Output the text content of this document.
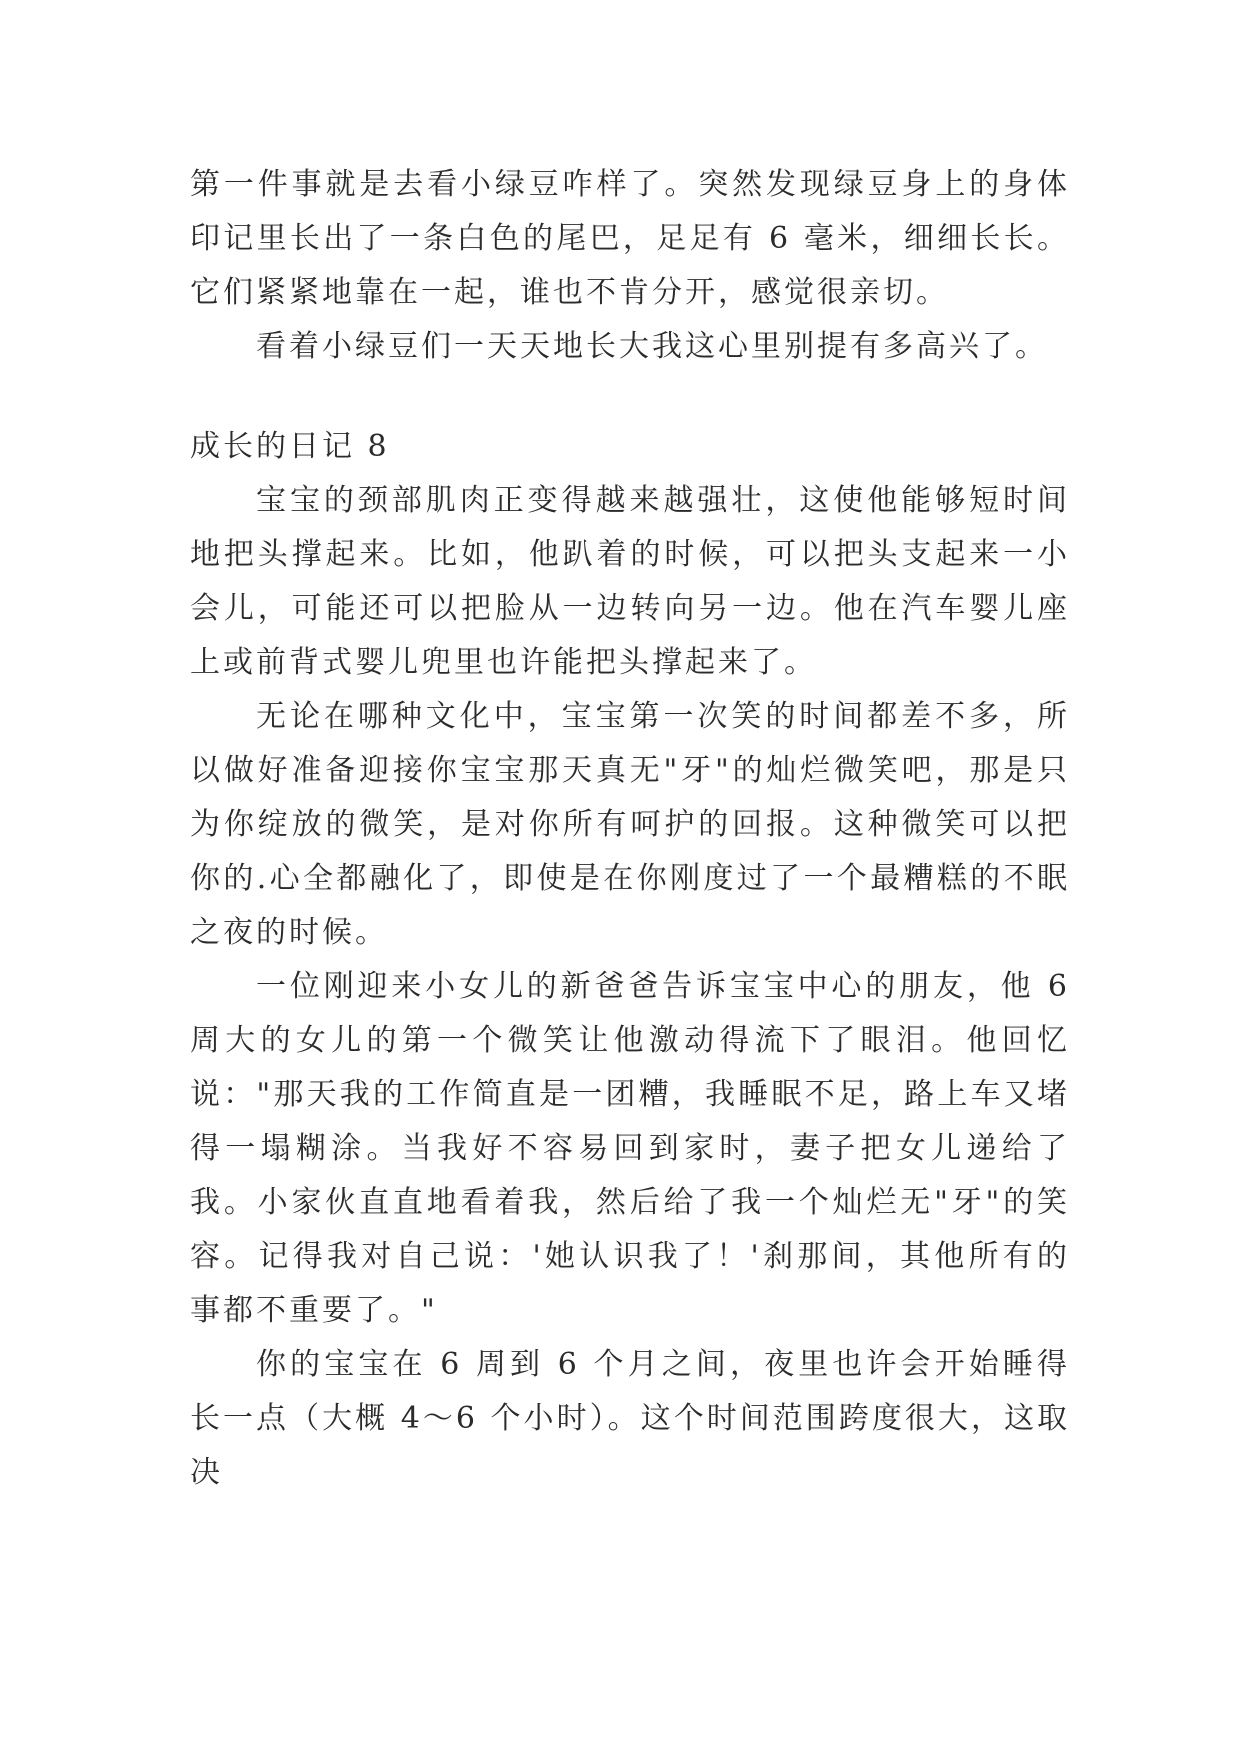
第一件事就是去看小绿豆咋样了。突然发现绿豆身上的身体印记里长出了一条白色的尾巴，足足有 6 毫米，细细长长。它们紧紧地靠在一起，谁也不肯分开，感觉很亲切。

看着小绿豆们一天天地长大我这心里别提有多高兴了。

成长的日记 8

宝宝的颈部肌肉正变得越来越强壮，这使他能够短时间地把头撑起来。比如，他趴着的时候，可以把头支起来一小会儿，可能还可以把脸从一边转向另一边。他在汽车婴儿座上或前背式婴儿兜里也许能把头撑起来了。

无论在哪种文化中，宝宝第一次笑的时间都差不多，所以做好准备迎接你宝宝那天真无"牙"的灿烂微笑吧，那是只为你绽放的微笑，是对你所有呵护的回报。这种微笑可以把你的.心全都融化了，即使是在你刚度过了一个最糟糕的不眠之夜的时候。

一位刚迎来小女儿的新爸爸告诉宝宝中心的朋友，他 6 周大的女儿的第一个微笑让他激动得流下了眼泪。他回忆说："那天我的工作简直是一团糟，我睡眠不足，路上车又堵得一塌糊涂。当我好不容易回到家时，妻子把女儿递给了我。小家伙直直地看着我，然后给了我一个灿烂无"牙"的笑容。记得我对自己说：'她认识我了！'刹那间，其他所有的事都不重要了。"

你的宝宝在 6 周到 6 个月之间，夜里也许会开始睡得长一点（大概 4～6 个小时）。这个时间范围跨度很大，这取决
